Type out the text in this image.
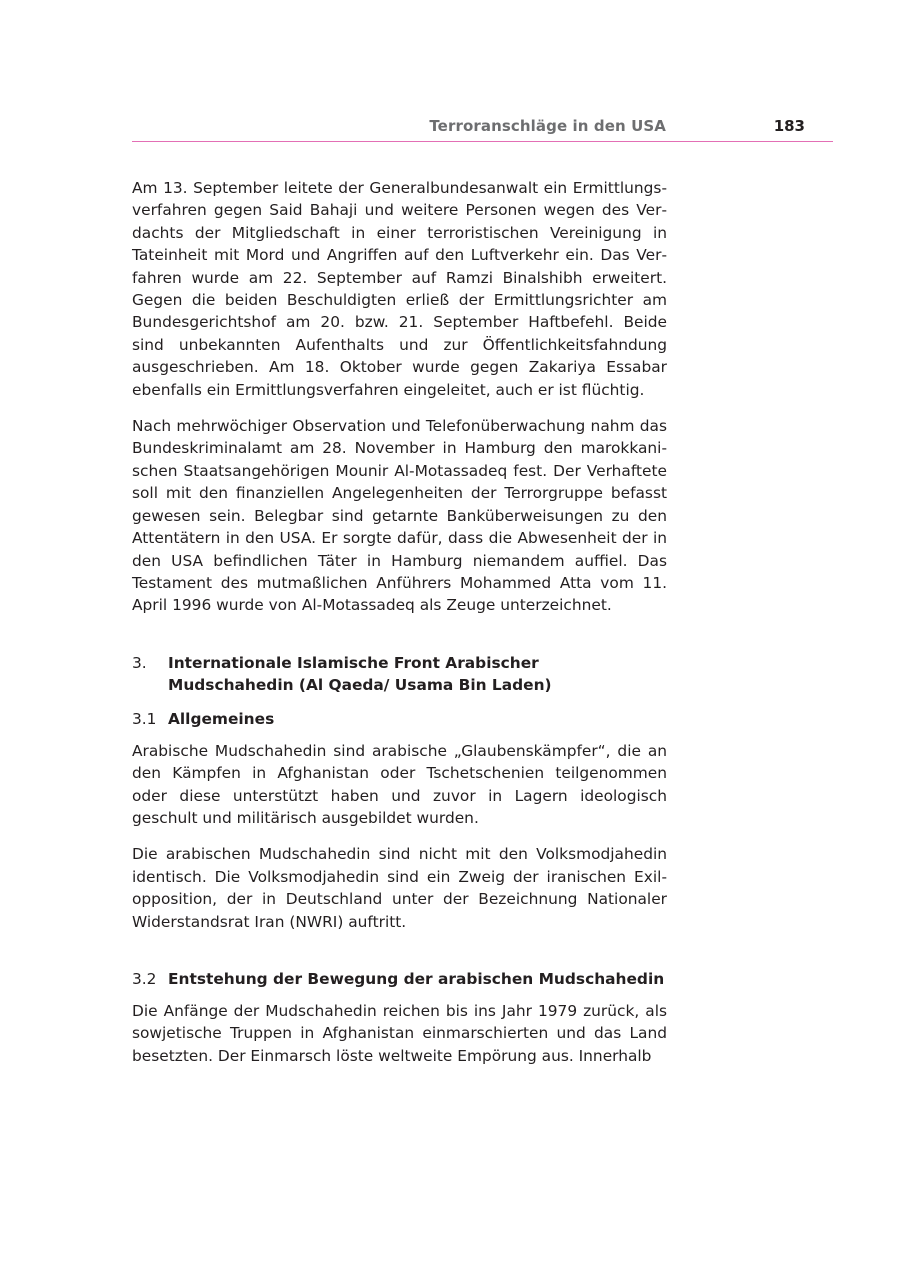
Terroranschläge in den USA	183

Am 13. September leitete der Generalbundesanwalt ein Ermittlungsverfahren gegen Said Bahaji und weitere Personen wegen des Verdachts der Mitgliedschaft in einer terroristischen Vereinigung in Tateinheit mit Mord und Angriffen auf den Luftverkehr ein. Das Verfahren wurde am 22. September auf Ramzi Binalshibh erweitert. Gegen die beiden Beschuldigten erließ der Ermittlungsrichter am Bundesgerichtshof am 20. bzw. 21. September Haftbefehl. Beide sind unbekannten Aufenthalts und zur Öffentlichkeitsfahndung ausgeschrieben. Am 18. Oktober wurde gegen Zakariya Essabar ebenfalls ein Ermittlungsverfahren eingeleitet, auch er ist flüchtig.

Nach mehrwöchiger Observation und Telefonüberwachung nahm das Bundeskriminalamt am 28. November in Hamburg den marokkanischen Staatsangehörigen Mounir Al-Motassadeq fest. Der Verhaftete soll mit den finanziellen Angelegenheiten der Terrorgruppe befasst gewesen sein. Belegbar sind getarnte Banküberweisungen zu den Attentätern in den USA. Er sorgte dafür, dass die Abwesenheit der in den USA befindlichen Täter in Hamburg niemandem auffiel. Das Testament des mutmaßlichen Anführers Mohammed Atta vom 11. April 1996 wurde von Al-Motassadeq als Zeuge unterzeichnet.

3.	Internationale Islamische Front Arabischer Mudschahedin (Al Qaeda/ Usama Bin Laden)
3.1 Allgemeines

Arabische Mudschahedin sind arabische „Glaubenskämpfer“, die an den Kämpfen in Afghanistan oder Tschetschenien teilgenommen oder diese unterstützt haben und zuvor in Lagern ideologisch geschult und militärisch ausgebildet wurden.

Die arabischen Mudschahedin sind nicht mit den Volksmodjahedin identisch. Die Volksmodjahedin sind ein Zweig der iranischen Exilopposition, der in Deutschland unter der Bezeichnung Nationaler Widerstandsrat Iran (NWRI) auftritt.

3.2 Entstehung der Bewegung der arabischen Mudschahedin

Die Anfänge der Mudschahedin reichen bis ins Jahr 1979 zurück, als sowjetische Truppen in Afghanistan einmarschierten und das Land besetzten. Der Einmarsch löste weltweite Empörung aus. Innerhalb
